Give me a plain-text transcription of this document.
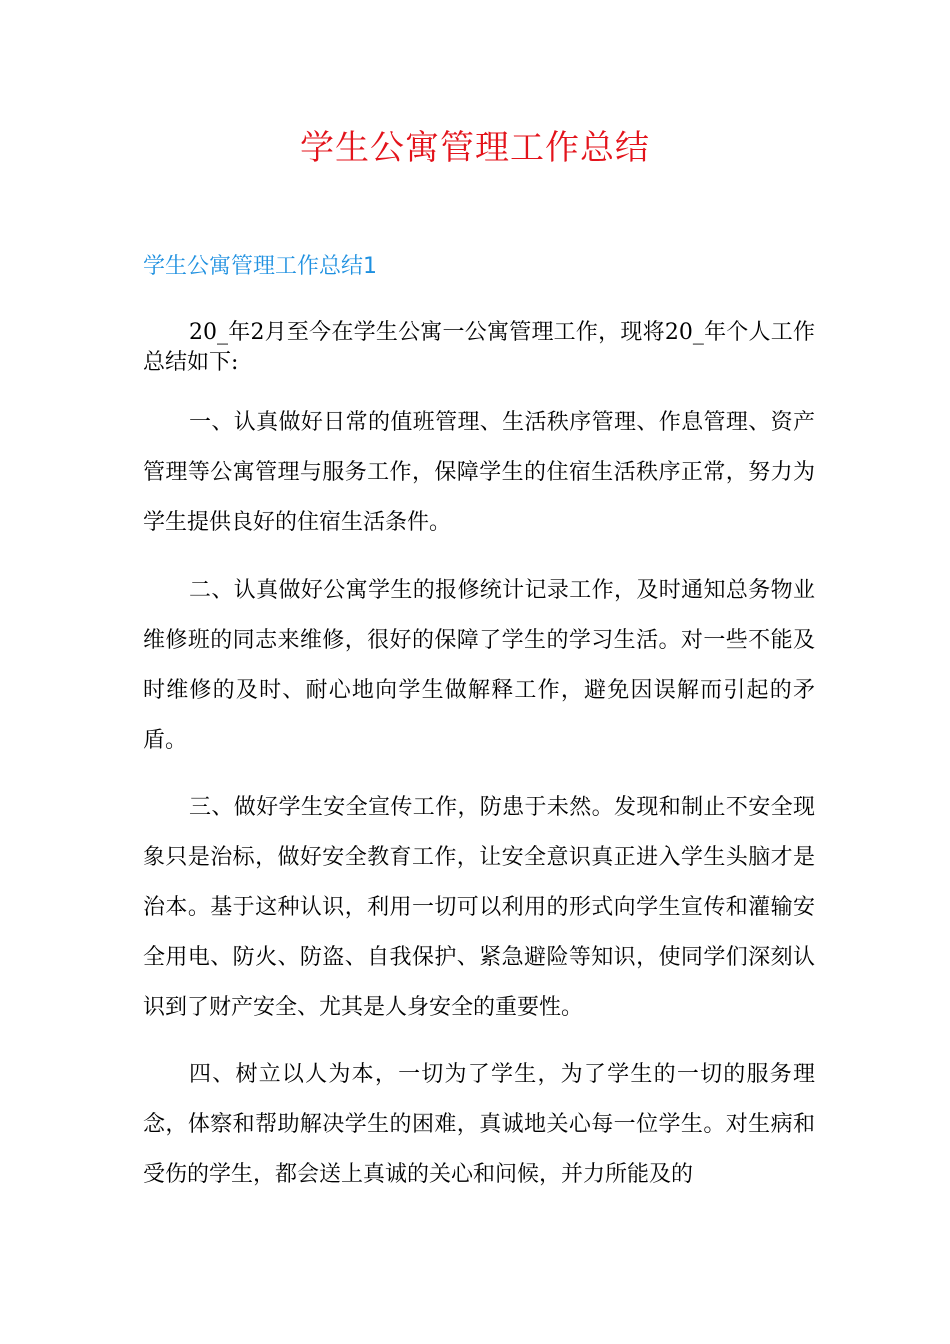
学生公寓管理工作总结
学生公寓管理工作总结1

20_年2月至今在学生公寓一公寓管理工作，现将20_年个人工作总结如下:

一、认真做好日常的值班管理、生活秩序管理、作息管理、资产管理等公寓管理与服务工作，保障学生的住宿生活秩序正常，努力为学生提供良好的住宿生活条件。

二、认真做好公寓学生的报修统计记录工作，及时通知总务物业维修班的同志来维修，很好的保障了学生的学习生活。对一些不能及时维修的及时、耐心地向学生做解释工作，避免因误解而引起的矛盾。

三、做好学生安全宣传工作，防患于未然。发现和制止不安全现象只是治标，做好安全教育工作，让安全意识真正进入学生头脑才是治本。基于这种认识，利用一切可以利用的形式向学生宣传和灌输安全用电、防火、防盗、自我保护、紧急避险等知识，使同学们深刻认识到了财产安全、尤其是人身安全的重要性。

四、树立以人为本，一切为了学生，为了学生的一切的服务理念，体察和帮助解决学生的困难，真诚地关心每一位学生。对生病和受伤的学生，都会送上真诚的关心和问候，并力所能及的
